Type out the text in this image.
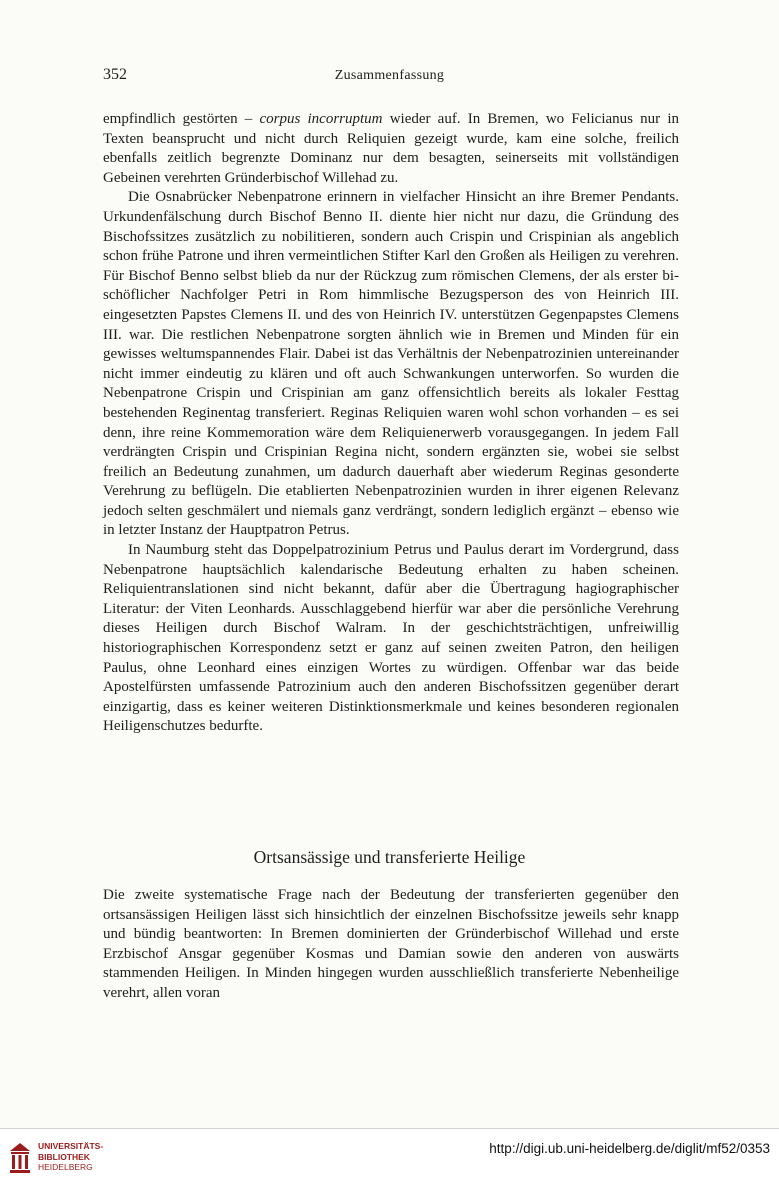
352	Zusammenfassung

empfindlich gestörten – corpus incorruptum wieder auf. In Bremen, wo Felicianus nur in Texten beansprucht und nicht durch Reliquien gezeigt wurde, kam eine solche, freilich ebenfalls zeitlich begrenzte Dominanz nur dem besagten, seinerseits mit vollständigen Gebeinen verehrten Gründerbischof Willehad zu.

Die Osnabrücker Nebenpatrone erinnern in vielfacher Hinsicht an ihre Bremer Pendants. Urkundenfälschung durch Bischof Benno II. diente hier nicht nur dazu, die Gründung des Bischofssitzes zusätzlich zu nobilitieren, sondern auch Crispin und Crispinian als angeblich schon frühe Patrone und ihren vermeintlichen Stifter Karl den Großen als Heiligen zu verehren. Für Bischof Benno selbst blieb da nur der Rückzug zum römischen Clemens, der als erster bischöflicher Nachfolger Petri in Rom himmlische Bezugsperson des von Heinrich III. eingesetzten Papstes Clemens II. und des von Heinrich IV. unterstützen Gegenpapstes Clemens III. war. Die restlichen Nebenpatrone sorgten ähnlich wie in Bremen und Minden für ein gewisses weltumspannendes Flair. Dabei ist das Verhältnis der Nebenpatrozinien untereinander nicht immer eindeutig zu klären und oft auch Schwankungen unterworfen. So wurden die Nebenpatrone Crispin und Crispinian am ganz offensichtlich bereits als lokaler Festtag bestehenden Reginentag transferiert. Reginas Reliquien waren wohl schon vorhanden – es sei denn, ihre reine Kommemoration wäre dem Reliquienerwerb vorausgegangen. In jedem Fall verdrängten Crispin und Crispinian Regina nicht, sondern ergänzten sie, wobei sie selbst freilich an Bedeutung zunahmen, um dadurch dauerhaft aber wiederum Reginas gesonderte Verehrung zu beflügeln. Die etablierten Nebenpatrozinien wurden in ihrer eigenen Relevanz jedoch selten geschmälert und niemals ganz verdrängt, sondern lediglich ergänzt – ebenso wie in letzter Instanz der Hauptpatron Petrus.

In Naumburg steht das Doppelpatrozinium Petrus und Paulus derart im Vordergrund, dass Nebenpatrone hauptsächlich kalendarische Bedeutung erhalten zu haben scheinen. Reliquientranslationen sind nicht bekannt, dafür aber die Übertragung hagiographischer Literatur: der Viten Leonhards. Ausschlaggebend hierfür war aber die persönliche Verehrung dieses Heiligen durch Bischof Walram. In der geschichtsträchtigen, unfreiwillig historiographischen Korrespondenz setzt er ganz auf seinen zweiten Patron, den heiligen Paulus, ohne Leonhard eines einzigen Wortes zu würdigen. Offenbar war das beide Apostelfürsten umfassende Patrozinium auch den anderen Bischofssitzen gegenüber derart einzigartig, dass es keiner weiteren Distinktionsmerkmale und keines besonderen regionalen Heiligenschutzes bedurfte.

Ortsansässige und transferierte Heilige

Die zweite systematische Frage nach der Bedeutung der transferierten gegenüber den ortsansässigen Heiligen lässt sich hinsichtlich der einzelnen Bischofssitze jeweils sehr knapp und bündig beantworten: In Bremen dominierten der Gründerbischof Willehad und erste Erzbischof Ansgar gegenüber Kosmas und Damian sowie den anderen von auswärts stammenden Heiligen. In Minden hingegen wurden ausschließlich transferierte Nebenheilige verehrt, allen voran

UNIVERSITÄTS-
BIBLIOTHEK
HEIDELBERG
http://digi.ub.uni-heidelberg.de/diglit/mf52/0353
